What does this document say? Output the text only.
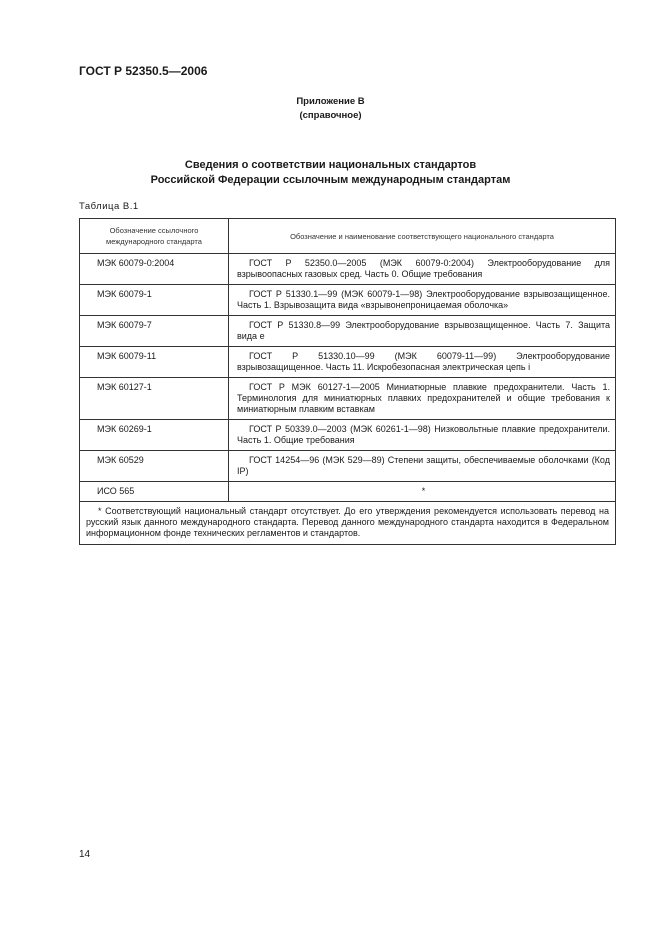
ГОСТ Р 52350.5—2006
Приложение В
(справочное)
Сведения о соответствии национальных стандартов
Российской Федерации ссылочным международным стандартам
Таблица В.1
Обозначение ссылочного международного стандарта	Обозначение и наименование соответствующего национального стандарта
МЭК 60079-0:2004	ГОСТ Р 52350.0—2005 (МЭК 60079-0:2004) Электрооборудование для взрывоопасных газовых сред. Часть 0. Общие требования
МЭК 60079-1	ГОСТ Р 51330.1—99 (МЭК 60079-1—98) Электрооборудование взрывозащищенное. Часть 1. Взрывозащита вида «взрывонепроницаемая оболочка»
МЭК 60079-7	ГОСТ Р 51330.8—99 Электрооборудование взрывозащищенное. Часть 7. Защита вида е
МЭК 60079-11	ГОСТ Р 51330.10—99 (МЭК 60079-11—99) Электрооборудование взрывозащищенное. Часть 11. Искробезопасная электрическая цепь i
МЭК 60127-1	ГОСТ Р МЭК 60127-1—2005 Миниатюрные плавкие предохранители. Часть 1. Терминология для миниатюрных плавких предохранителей и общие требования к миниатюрным плавким вставкам
МЭК 60269-1	ГОСТ Р 50339.0—2003 (МЭК 60261-1—98) Низковольтные плавкие предохранители. Часть 1. Общие требования
МЭК 60529	ГОСТ 14254—96 (МЭК 529—89) Степени защиты, обеспечиваемые оболочками (Код IP)
ИСО 565	*
* Соответствующий национальный стандарт отсутствует. До его утверждения рекомендуется использовать перевод на русский язык данного международного стандарта. Перевод данного международного стандарта находится в Федеральном информационном фонде технических регламентов и стандартов.	
14
